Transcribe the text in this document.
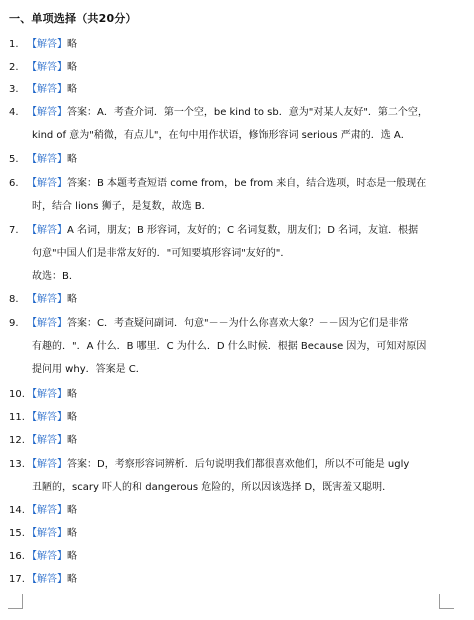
一、单项选择（共20分）
1. 【解答】略
2. 【解答】略
3. 【解答】略
4. 【解答】答案：A．考查介词．第一个空，be kind to sb．意为"对某人友好"．第二个空，
kind of 意为"稍微，有点儿"，在句中用作状语，修饰形容词 serious 严肃的．选 A．
5. 【解答】略
6. 【解答】答案：B 本题考查短语 come from，be from 来自，结合选项，时态是一般现在
时，结合 lions 狮子，是复数，故选 B．
7. 【解答】A 名词，朋友；B 形容词，友好的；C 名词复数，朋友们；D 名词，友谊．根据
句意"中国人们是非常友好的．"可知要填形容词"友好的"．
故选：B．
8. 【解答】略
9. 【解答】答案：C．考查疑问副词．句意"－－为什么你喜欢大象？－－因为它们是非常
有趣的．"．A 什么．B 哪里．C 为什么．D 什么时候．根据 Because 因为，可知对原因
提问用 why．答案是 C．
10. 【解答】略
11. 【解答】略
12. 【解答】略
13. 【解答】答案：D，考察形容词辨析．后句说明我们都很喜欢他们，所以不可能是 ugly
丑陋的，scary 吓人的和 dangerous 危险的，所以因该选择 D，既害羞又聪明．
14. 【解答】略
15. 【解答】略
16. 【解答】略
17. 【解答】略
